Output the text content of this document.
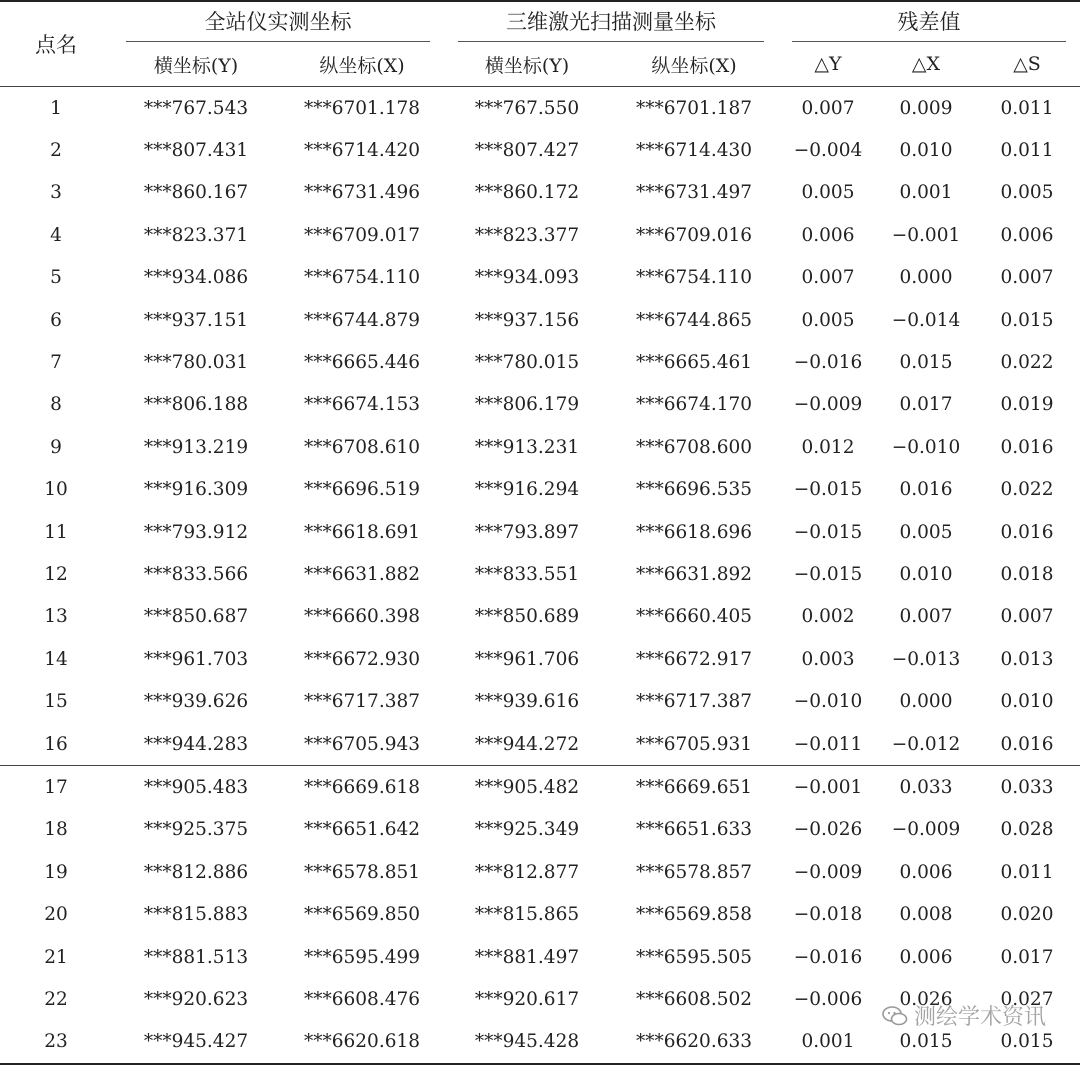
点名	全站仪实测坐标		三维激光扫描测量坐标		残差值		

	横坐标(Y)	纵坐标(X)	横坐标(Y)	纵坐标(X)	△Y	△X	△S
1	***767.543	***6701.178	***767.550	***6701.187	0.007	0.009	0.011
2	***807.431	***6714.420	***807.427	***6714.430	−0.004	0.010	0.011
3	***860.167	***6731.496	***860.172	***6731.497	0.005	0.001	0.005
4	***823.371	***6709.017	***823.377	***6709.016	0.006	−0.001	0.006
5	***934.086	***6754.110	***934.093	***6754.110	0.007	0.000	0.007
6	***937.151	***6744.879	***937.156	***6744.865	0.005	−0.014	0.015
7	***780.031	***6665.446	***780.015	***6665.461	−0.016	0.015	0.022
8	***806.188	***6674.153	***806.179	***6674.170	−0.009	0.017	0.019
9	***913.219	***6708.610	***913.231	***6708.600	0.012	−0.010	0.016
10	***916.309	***6696.519	***916.294	***6696.535	−0.015	0.016	0.022
11	***793.912	***6618.691	***793.897	***6618.696	−0.015	0.005	0.016
12	***833.566	***6631.882	***833.551	***6631.892	−0.015	0.010	0.018
13	***850.687	***6660.398	***850.689	***6660.405	0.002	0.007	0.007
14	***961.703	***6672.930	***961.706	***6672.917	0.003	−0.013	0.013
15	***939.626	***6717.387	***939.616	***6717.387	−0.010	0.000	0.010
16	***944.283	***6705.943	***944.272	***6705.931	−0.011	−0.012	0.016
17	***905.483	***6669.618	***905.482	***6669.651	−0.001	0.033	0.033
18	***925.375	***6651.642	***925.349	***6651.633	−0.026	−0.009	0.028
19	***812.886	***6578.851	***812.877	***6578.857	−0.009	0.006	0.011
20	***815.883	***6569.850	***815.865	***6569.858	−0.018	0.008	0.020
21	***881.513	***6595.499	***881.497	***6595.505	−0.016	0.006	0.017
22	***920.623	***6608.476	***920.617	***6608.502	−0.006	0.026	0.027
23	***945.427	***6620.618	***945.428	***6620.633	0.001	0.015	0.015
测绘学术资讯
